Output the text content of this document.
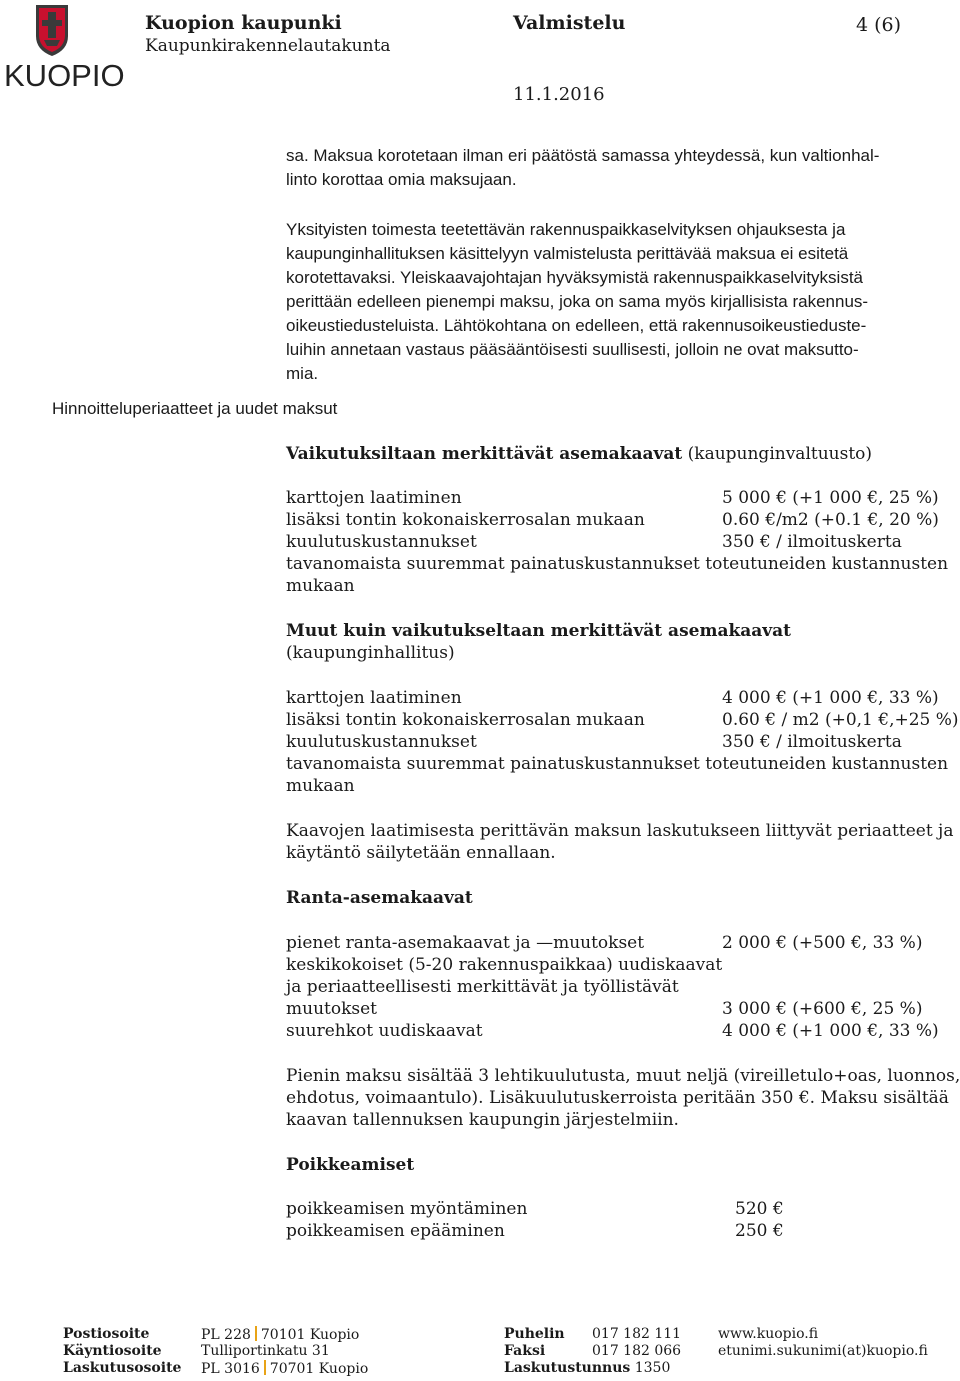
KUOPIO
Kuopion kaupunki
Kaupunkirakennelautakunta
Valmistelu	4 (6)
11.1.2016
sa. Maksua korotetaan ilman eri päätöstä samassa yhteydessä, kun valtionhal-
linto korottaa omia maksujaan.
Yksityisten toimesta teetettävän rakennuspaikkaselvityksen ohjauksesta ja
kaupunginhallituksen käsittelyyn valmistelusta perittävää maksua ei esitetä
korotettavaksi. Yleiskaavajohtajan hyväksymistä rakennuspaikkaselvityksistä
perittään edelleen pienempi maksu, joka on sama myös kirjallisista rakennus-
oikeustiedusteluista. Lähtökohtana on edelleen, että rakennusoikeustieduste-
luihin annetaan vastaus pääsääntöisesti suullisesti, jolloin ne ovat maksutto-
mia.
Hinnoitteluperiaatteet ja uudet maksut
Vaikutuksiltaan merkittävät asemakaavat (kaupunginvaltuusto)
karttojen laatiminen	5 000 € (+1 000 €, 25 %)
lisäksi tontin kokonaiskerrosalan mukaan	0.60 €/m2 (+0.1 €, 20 %)
kuulutuskustannukset	350 € / ilmoituskerta
tavanomaista suuremmat painatuskustannukset toteutuneiden kustannusten
mukaan
Muut kuin vaikutukseltaan merkittävät asemakaavat
(kaupunginhallitus)
karttojen laatiminen	4 000 € (+1 000 €, 33 %)
lisäksi tontin kokonaiskerrosalan mukaan	0.60 € / m2 (+0,1 €,+25 %)
kuulutuskustannukset	350 € / ilmoituskerta
tavanomaista suuremmat painatuskustannukset toteutuneiden kustannusten
mukaan
Kaavojen laatimisesta perittävän maksun laskutukseen liittyvät periaatteet ja
käytäntö säilytetään ennallaan.
Ranta-asemakaavat
pienet ranta-asemakaavat ja —muutokset	2 000 € (+500 €, 33 %)
keskikokoiset (5-20 rakennuspaikkaa) uudiskaavat
ja periaatteellisesti merkittävät ja työllistävät
muutokset	3 000 € (+600 €, 25 %)
suurehkot uudiskaavat	4 000 € (+1 000 €, 33 %)
Pienin maksu sisältää 3 lehtikuulutusta, muut neljä (vireilletulo+oas, luonnos,
ehdotus, voimaantulo). Lisäkuulutuskerroista peritään 350 €. Maksu sisältää
kaavan tallennuksen kaupungin järjestelmiin.
Poikkeamiset
poikkeamisen myöntäminen	520 €
poikkeamisen epääminen	250 €
Postiosoite	PL 228 70101 Kuopio
Käyntiosoite	Tulliportinkatu 31
Laskutusosoite PL 3016 70701 Kuopio
Puhelin 017 182 111
Faksi	017 182 066
Laskutustunnus 1350
www.kuopio.fi
etunimi.sukunimi(at)kuopio.fi
